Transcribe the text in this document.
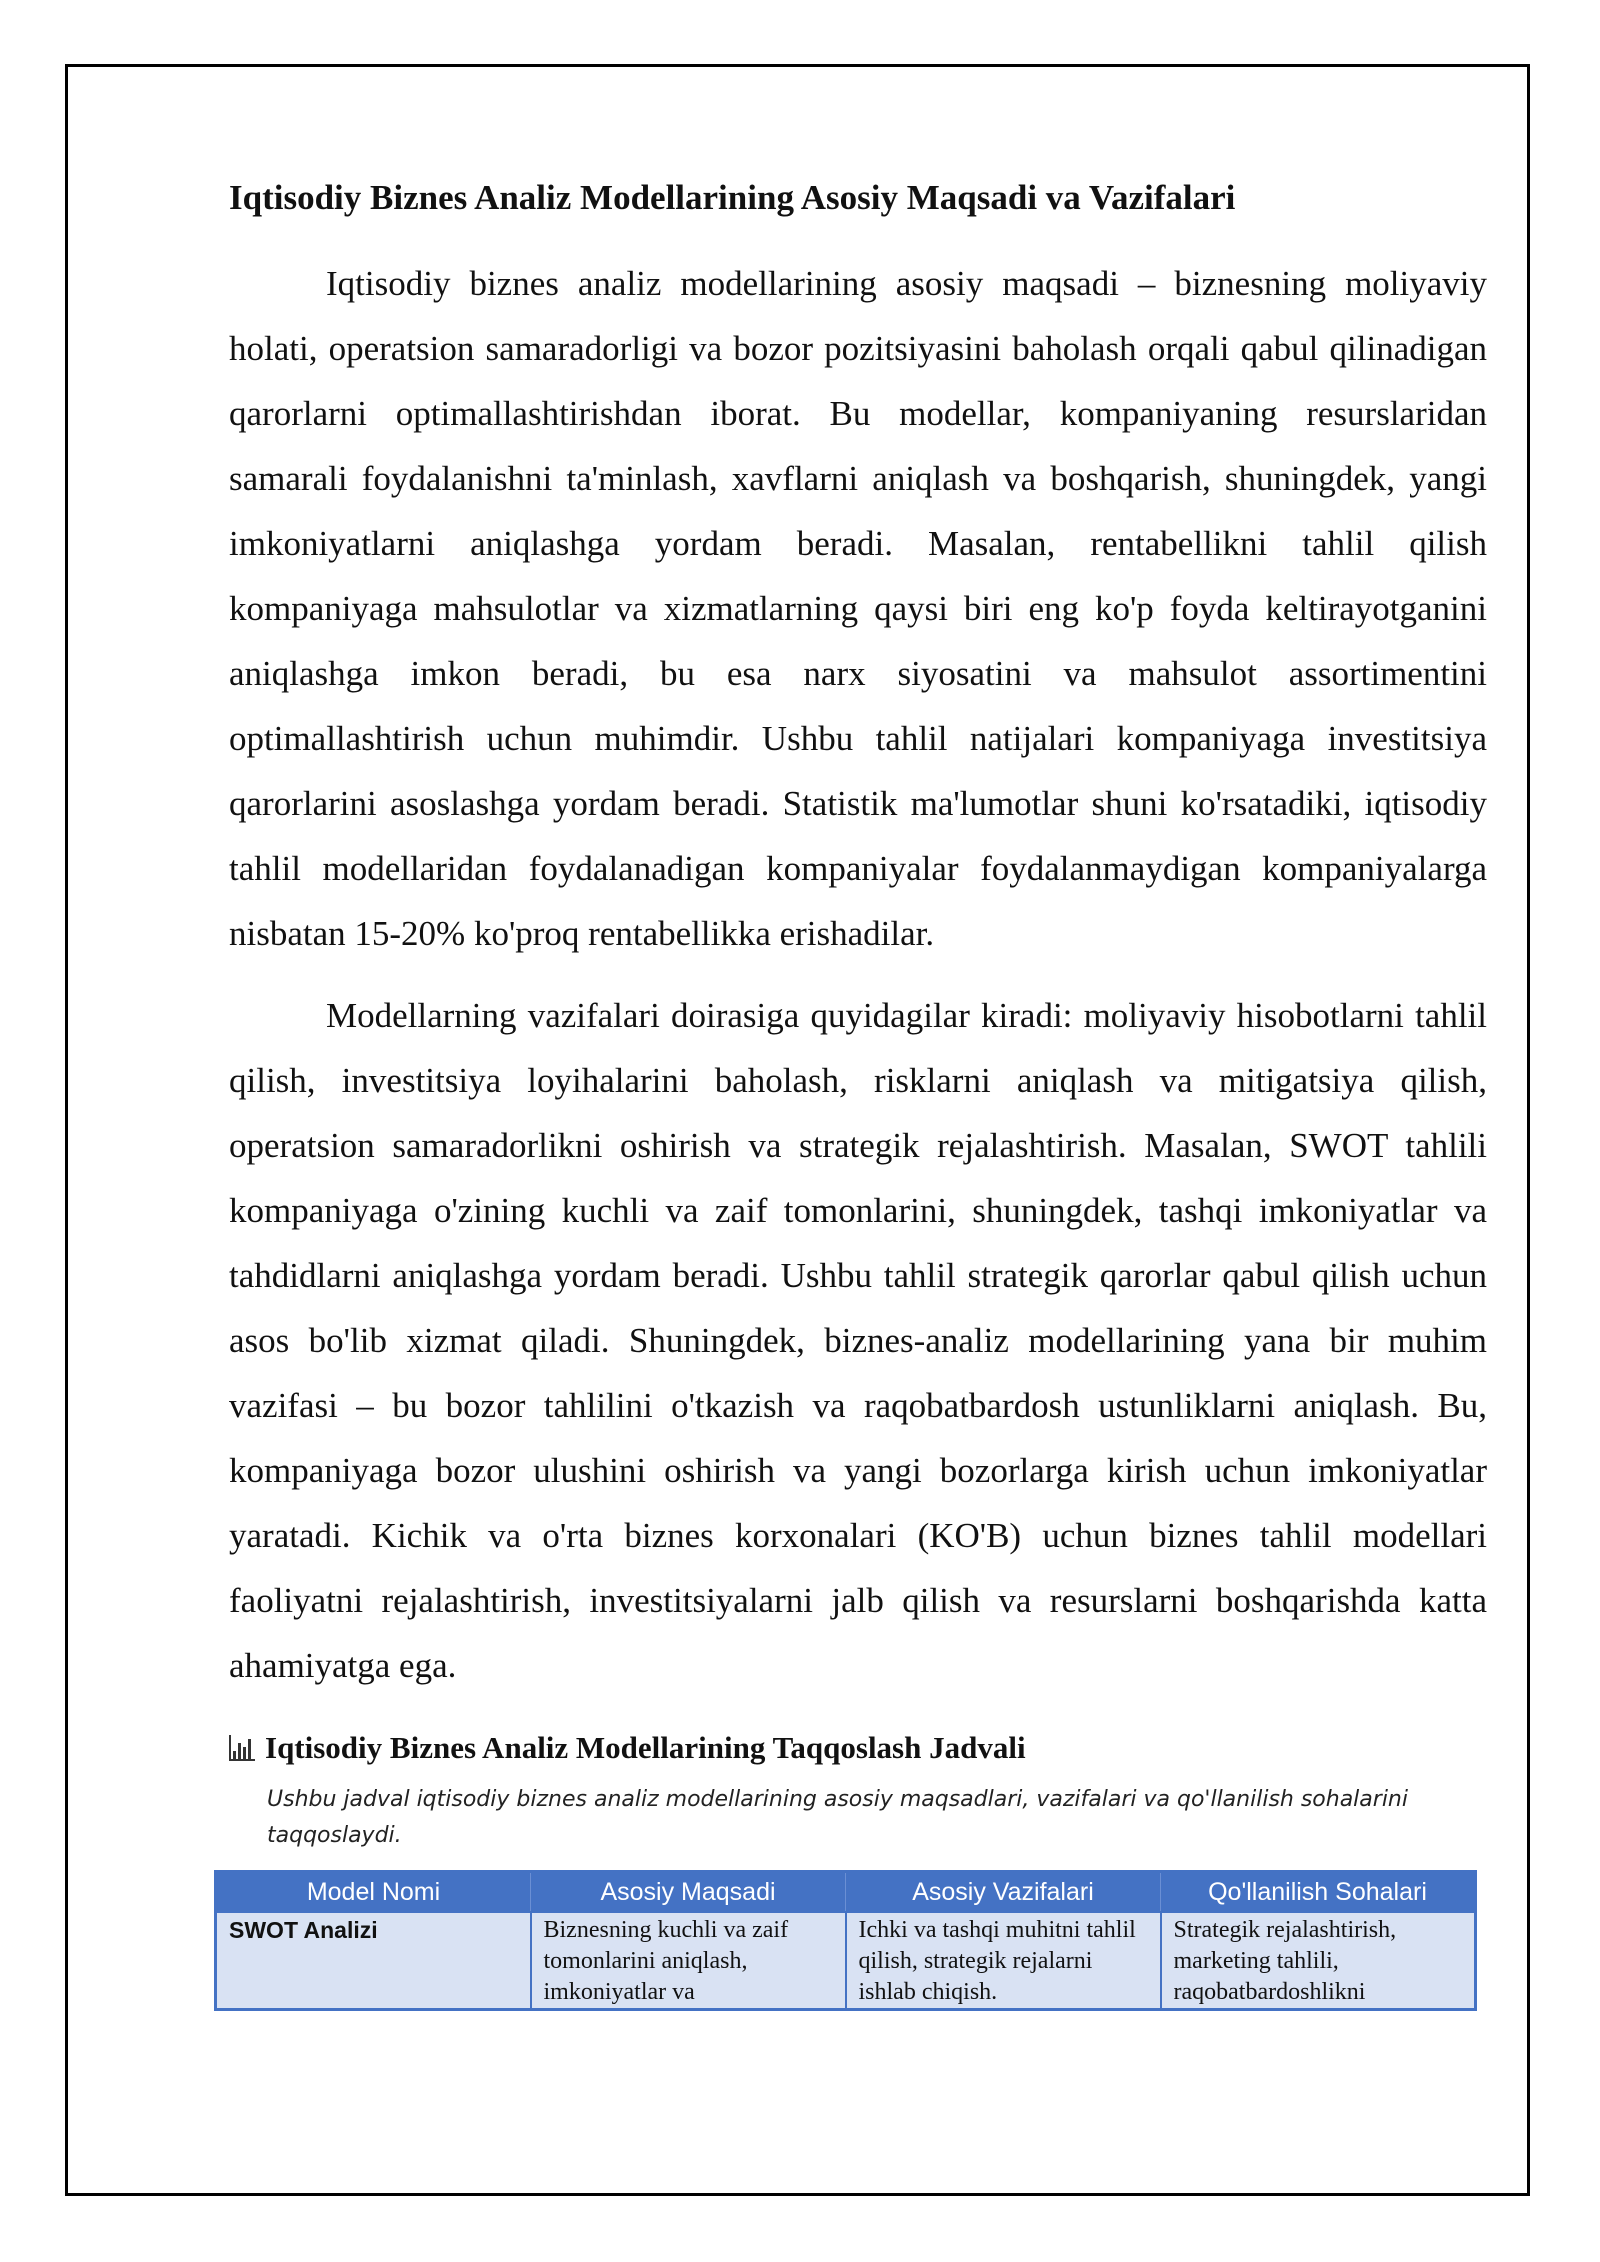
Iqtisodiy Biznes Analiz Modellarining Asosiy Maqsadi va Vazifalari

Iqtisodiy biznes analiz modellarining asosiy maqsadi – biznesning moliyaviy holati, operatsion samaradorligi va bozor pozitsiyasini baholash orqali qabul qilinadigan qarorlarni optimallashtirishdan iborat. Bu modellar, kompaniyaning resurslaridan samarali foydalanishni ta'minlash, xavflarni aniqlash va boshqarish, shuningdek, yangi imkoniyatlarni aniqlashga yordam beradi. Masalan, rentabellikni tahlil qilish kompaniyaga mahsulotlar va xizmatlarning qaysi biri eng ko'p foyda keltirayotganini aniqlashga imkon beradi, bu esa narx siyosatini va mahsulot assortimentini optimallashtirish uchun muhimdir. Ushbu tahlil natijalari kompaniyaga investitsiya qarorlarini asoslashga yordam beradi. Statistik ma'lumotlar shuni ko'rsatadiki, iqtisodiy tahlil modellaridan foydalanadigan kompaniyalar foydalanmaydigan kompaniyalarga nisbatan 15-20% ko'proq rentabellikka erishadilar.

Modellarning vazifalari doirasiga quyidagilar kiradi: moliyaviy hisobotlarni tahlil qilish, investitsiya loyihalarini baholash, risklarni aniqlash va mitigatsiya qilish, operatsion samaradorlikni oshirish va strategik rejalashtirish. Masalan, SWOT tahlili kompaniyaga o'zining kuchli va zaif tomonlarini, shuningdek, tashqi imkoniyatlar va tahdidlarni aniqlashga yordam beradi. Ushbu tahlil strategik qarorlar qabul qilish uchun asos bo'lib xizmat qiladi. Shuningdek, biznes-analiz modellarining yana bir muhim vazifasi – bu bozor tahlilini o'tkazish va raqobatbardosh ustunliklarni aniqlash. Bu, kompaniyaga bozor ulushini oshirish va yangi bozorlarga kirish uchun imkoniyatlar yaratadi. Kichik va o'rta biznes korxonalari (KO'B) uchun biznes tahlil modellari faoliyatni rejalashtirish, investitsiyalarni jalb qilish va resurslarni boshqarishda katta ahamiyatga ega.

Iqtisodiy Biznes Analiz Modellarining Taqqoslash Jadvali
Ushbu jadval iqtisodiy biznes analiz modellarining asosiy maqsadlari, vazifalari va qo'llanilish sohalarini taqqoslaydi.
Model Nomi	Asosiy Maqsadi	Asosiy Vazifalari	Qo'llanilish Sohalari
SWOT Analizi	Biznesning kuchli va zaif tomonlarini aniqlash, imkoniyatlar va	Ichki va tashqi muhitni tahlil qilish, strategik rejalarni ishlab chiqish.	Strategik rejalashtirish, marketing tahlili, raqobatbardoshlikni
